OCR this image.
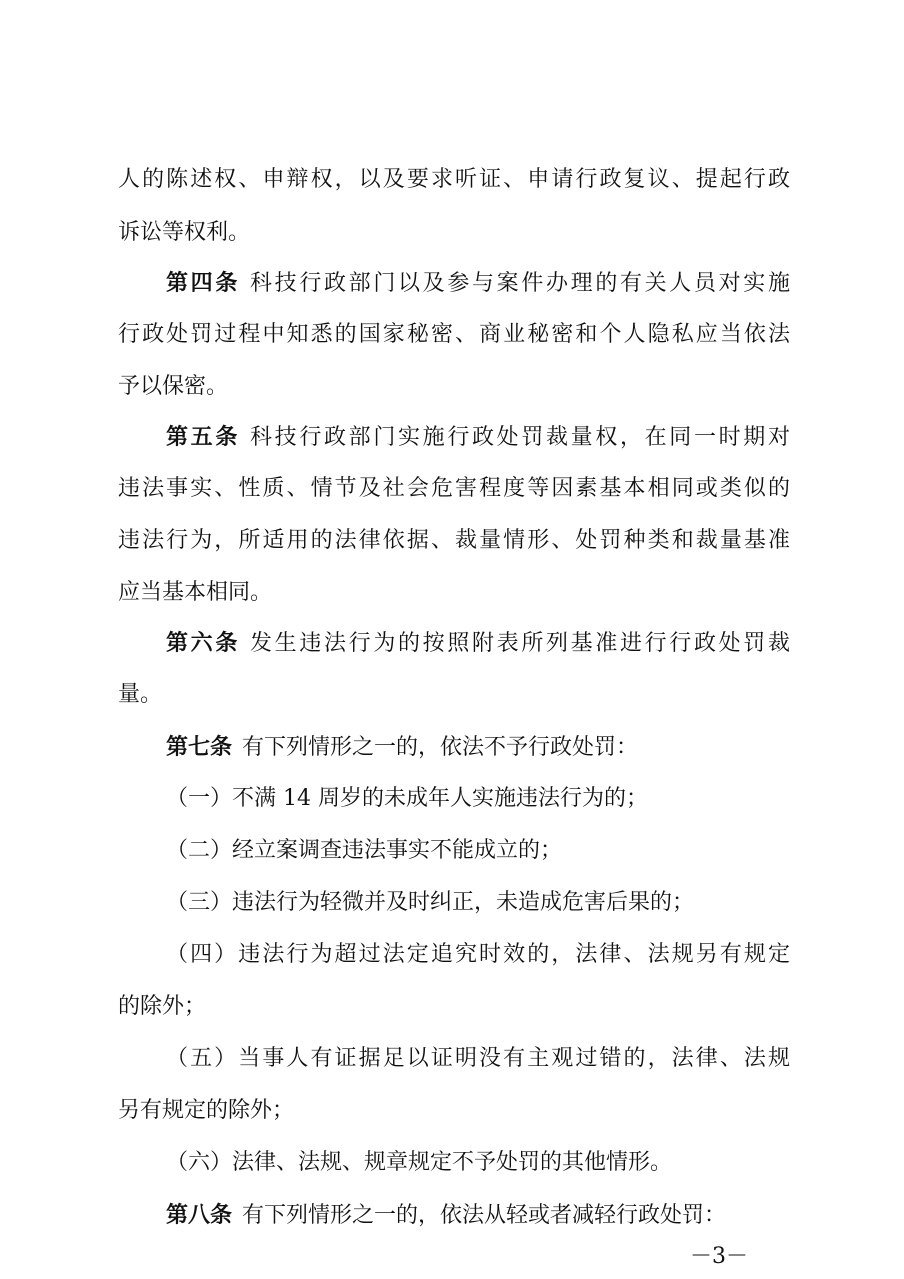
人的陈述权、申辩权，以及要求听证、申请行政复议、提起行政
诉讼等权利。
第四条 科技行政部门以及参与案件办理的有关人员对实施
行政处罚过程中知悉的国家秘密、商业秘密和个人隐私应当依法
予以保密。
第五条 科技行政部门实施行政处罚裁量权，在同一时期对
违法事实、性质、情节及社会危害程度等因素基本相同或类似的
违法行为，所适用的法律依据、裁量情形、处罚种类和裁量基准
应当基本相同。
第六条 发生违法行为的按照附表所列基准进行行政处罚裁
量。
第七条 有下列情形之一的，依法不予行政处罚：
（一）不满 14 周岁的未成年人实施违法行为的；
（二）经立案调查违法事实不能成立的；
（三）违法行为轻微并及时纠正，未造成危害后果的；
（四）违法行为超过法定追究时效的，法律、法规另有规定
的除外；
（五）当事人有证据足以证明没有主观过错的，法律、法规
另有规定的除外；
（六）法律、法规、规章规定不予处罚的其他情形。
第八条 有下列情形之一的，依法从轻或者减轻行政处罚：
－3－
